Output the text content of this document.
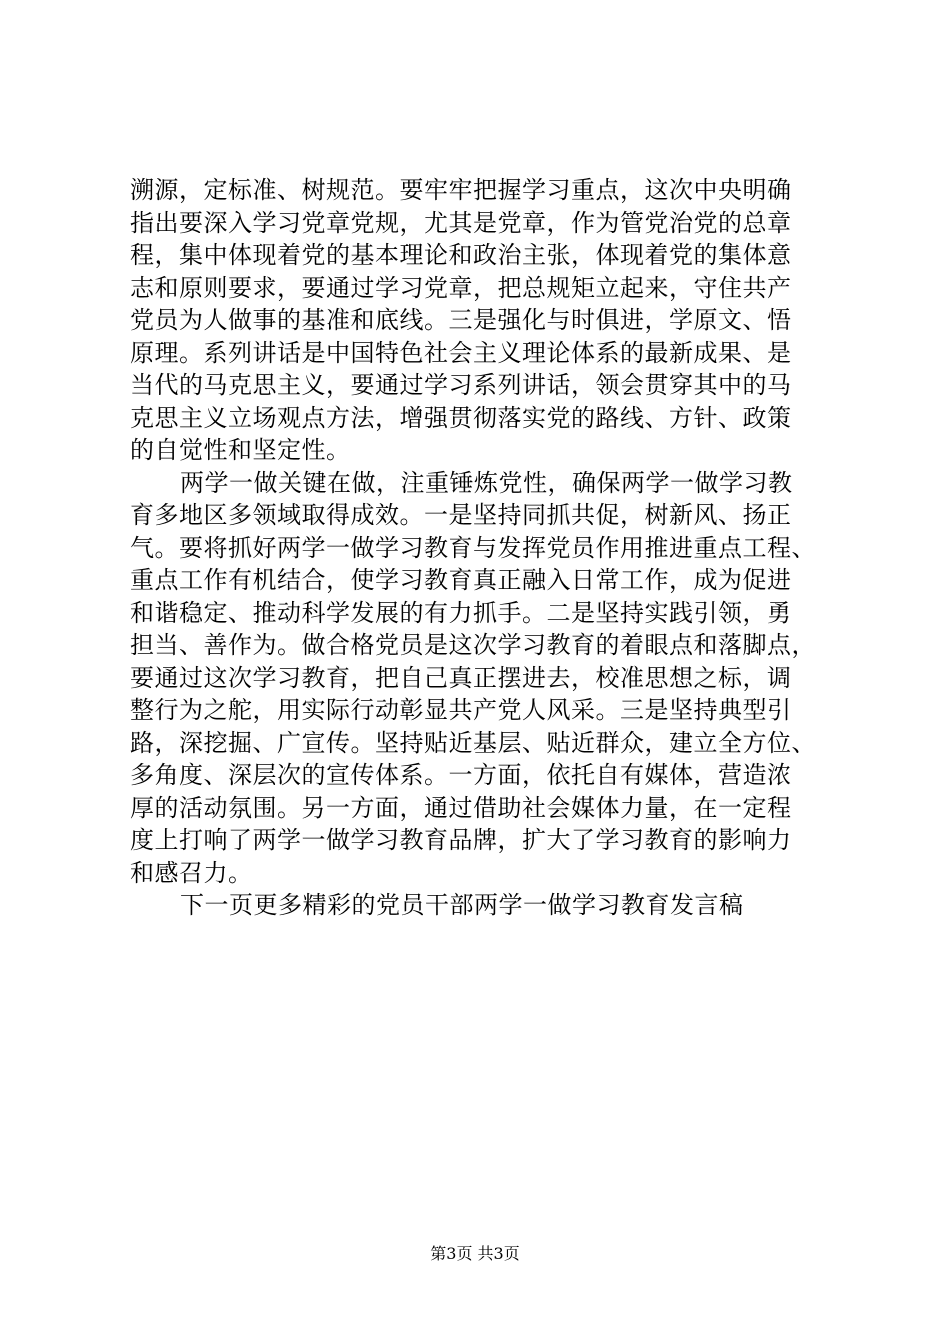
溯源，定标准、树规范。要牢牢把握学习重点，这次中央明确
指出要深入学习党章党规，尤其是党章，作为管党治党的总章
程，集中体现着党的基本理论和政治主张，体现着党的集体意
志和原则要求，要通过学习党章，把总规矩立起来，守住共产
党员为人做事的基准和底线。三是强化与时俱进，学原文、悟
原理。系列讲话是中国特色社会主义理论体系的最新成果、是
当代的马克思主义，要通过学习系列讲话，领会贯穿其中的马
克思主义立场观点方法，增强贯彻落实党的路线、方针、政策
的自觉性和坚定性。
两学一做关键在做，注重锤炼党性，确保两学一做学习教
育多地区多领域取得成效。一是坚持同抓共促，树新风、扬正
气。要将抓好两学一做学习教育与发挥党员作用推进重点工程、
重点工作有机结合，使学习教育真正融入日常工作，成为促进
和谐稳定、推动科学发展的有力抓手。二是坚持实践引领，勇
担当、善作为。做合格党员是这次学习教育的着眼点和落脚点，
要通过这次学习教育，把自己真正摆进去，校准思想之标，调
整行为之舵，用实际行动彰显共产党人风采。三是坚持典型引
路，深挖掘、广宣传。坚持贴近基层、贴近群众，建立全方位、
多角度、深层次的宣传体系。一方面，依托自有媒体，营造浓
厚的活动氛围。另一方面，通过借助社会媒体力量，在一定程
度上打响了两学一做学习教育品牌，扩大了学习教育的影响力
和感召力。
下一页更多精彩的党员干部两学一做学习教育发言稿
第3页 共3页
